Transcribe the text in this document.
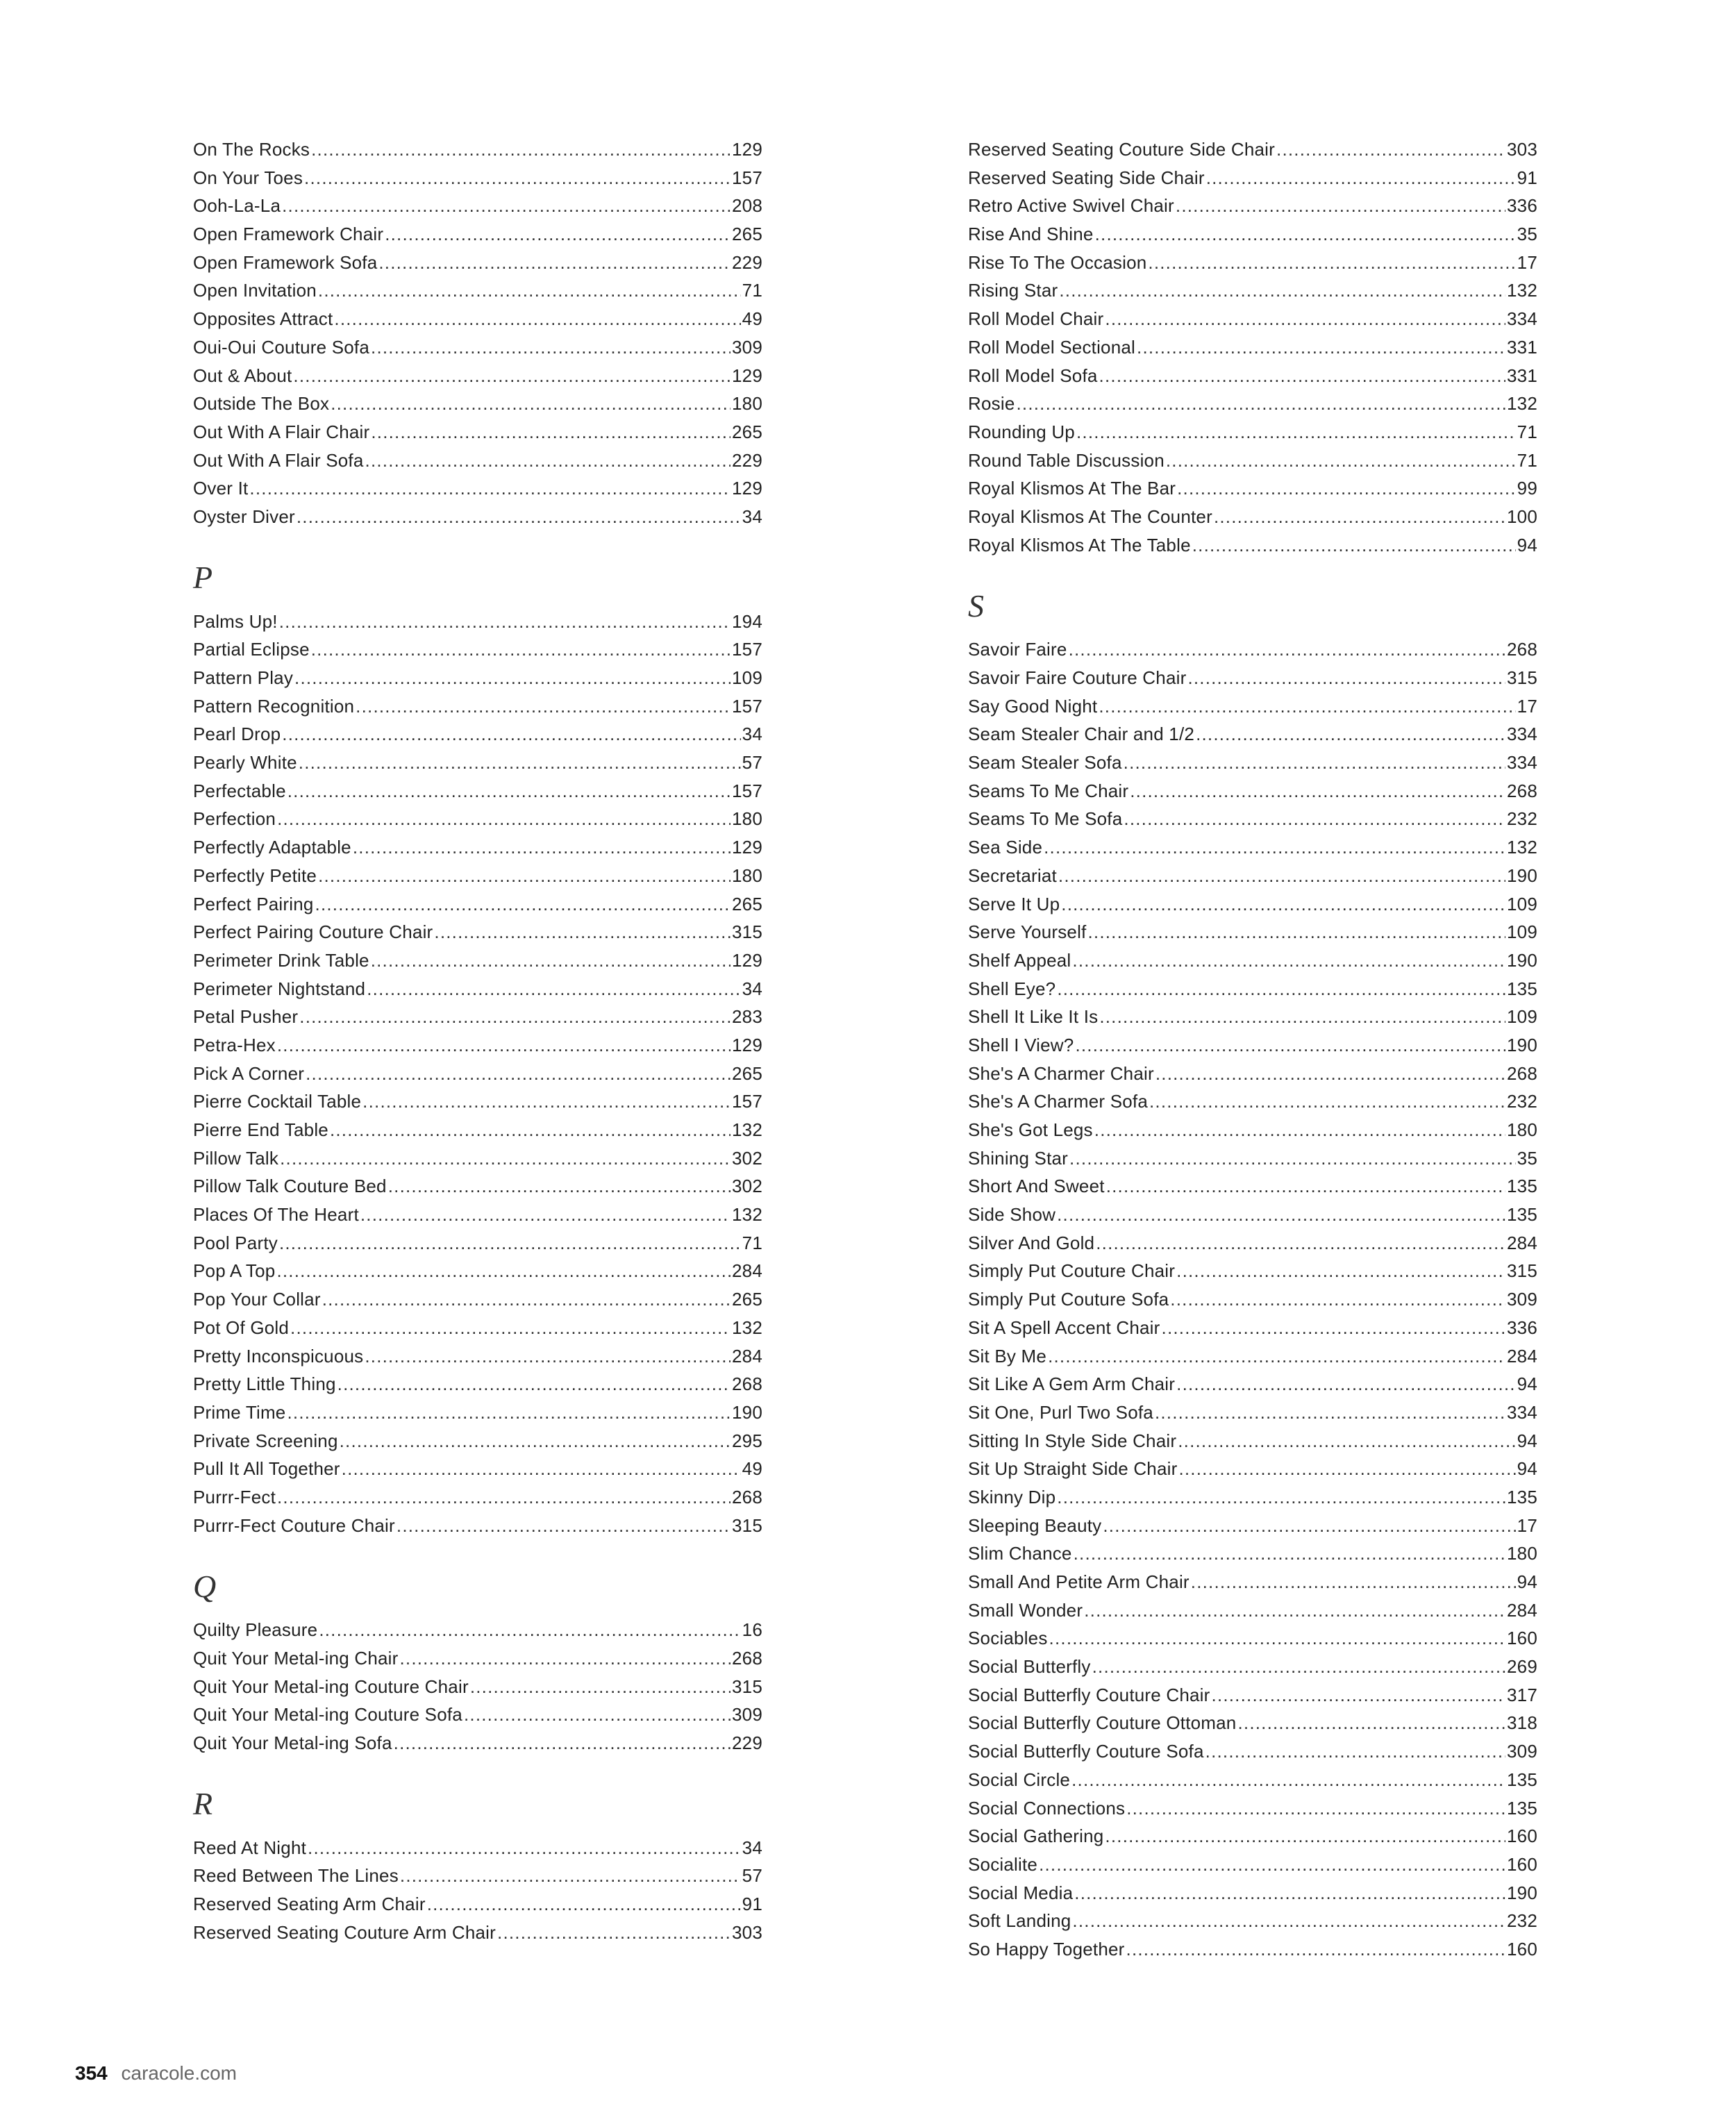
On The Rocks .....	129
On Your Toes .....	157
Ooh-La-La .....	208
Open Framework Chair .....	265
Open Framework Sofa .....	229
Open Invitation .....	71
Opposites Attract .....	49
Oui-Oui Couture Sofa .....	309
Out & About .....	129
Outside The Box .....	180
Out With A Flair Chair .....	265
Out With A Flair Sofa .....	229
Over It .....	129
Oyster Diver .....	34
P
Palms Up! .....	194
Partial Eclipse .....	157
Pattern Play .....	109
Pattern Recognition .....	157
Pearl Drop .....	34
Pearly White .....	57
Perfectable .....	157
Perfection .....	180
Perfectly Adaptable .....	129
Perfectly Petite .....	180
Perfect Pairing .....	265
Perfect Pairing Couture Chair .....	315
Perimeter Drink Table .....	129
Perimeter Nightstand .....	34
Petal Pusher .....	283
Petra-Hex .....	129
Pick A Corner .....	265
Pierre Cocktail Table .....	157
Pierre End Table .....	132
Pillow Talk .....	302
Pillow Talk Couture Bed .....	302
Places Of The Heart .....	132
Pool Party .....	71
Pop A Top .....	284
Pop Your Collar .....	265
Pot Of Gold .....	132
Pretty Inconspicuous .....	284
Pretty Little Thing .....	268
Prime Time .....	190
Private Screening .....	295
Pull It All Together .....	49
Purrr-Fect .....	268
Purrr-Fect Couture Chair .....	315
Q
Quilty Pleasure .....	16
Quit Your Metal-ing Chair .....	268
Quit Your Metal-ing Couture Chair .....	315
Quit Your Metal-ing Couture Sofa .....	309
Quit Your Metal-ing Sofa .....	229
R
Reed At Night .....	34
Reed Between The Lines .....	57
Reserved Seating Arm Chair .....	91
Reserved Seating Couture Arm Chair .....	303
Reserved Seating Couture Side Chair .....	303
Reserved Seating Side Chair .....	91
Retro Active Swivel Chair .....	336
Rise And Shine .....	35
Rise To The Occasion .....	17
Rising Star .....	132
Roll Model Chair .....	334
Roll Model Sectional .....	331
Roll Model Sofa .....	331
Rosie .....	132
Rounding Up .....	71
Round Table Discussion .....	71
Royal Klismos At The Bar .....	99
Royal Klismos At The Counter .....	100
Royal Klismos At The Table .....	94
S
Savoir Faire .....	268
Savoir Faire Couture Chair .....	315
Say Good Night .....	17
Seam Stealer Chair and 1/2 .....	334
Seam Stealer Sofa .....	334
Seams To Me Chair .....	268
Seams To Me Sofa .....	232
Sea Side .....	132
Secretariat .....	190
Serve It Up .....	109
Serve Yourself .....	109
Shelf Appeal .....	190
Shell Eye? .....	135
Shell It Like It Is .....	109
Shell I View? .....	190
She's A Charmer Chair .....	268
She's A Charmer Sofa .....	232
She's Got Legs .....	180
Shining Star .....	35
Short And Sweet .....	135
Side Show .....	135
Silver And Gold .....	284
Simply Put Couture Chair .....	315
Simply Put Couture Sofa .....	309
Sit A Spell Accent Chair .....	336
Sit By Me .....	284
Sit Like A Gem Arm Chair .....	94
Sit One, Purl Two Sofa .....	334
Sitting In Style Side Chair .....	94
Sit Up Straight Side Chair .....	94
Skinny Dip .....	135
Sleeping Beauty .....	17
Slim Chance .....	180
Small And Petite Arm Chair .....	94
Small Wonder .....	284
Sociables .....	160
Social Butterfly .....	269
Social Butterfly Couture Chair .....	317
Social Butterfly Couture Ottoman .....	318
Social Butterfly Couture Sofa .....	309
Social Circle .....	135
Social Connections .....	135
Social Gathering .....	160
Socialite .....	160
Social Media .....	190
Soft Landing .....	232
So Happy Together .....	160
354 caracole.com
